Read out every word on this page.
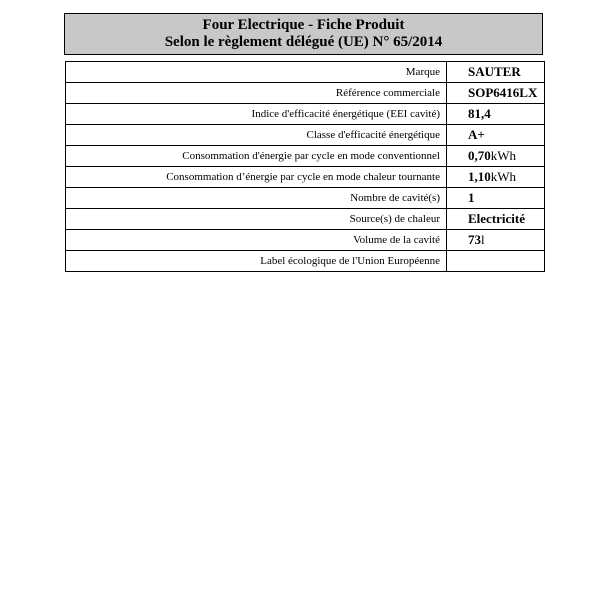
Four Electrique - Fiche Produit
Selon le règlement délégué (UE) N° 65/2014
Marque	SAUTER
Référence commerciale	SOP6416LX
Indice d'efficacité énergétique (EEI cavité)	81,4
Classe d'efficacité énergétique	A+
Consommation d'énergie par cycle en mode conventionnel	0,70kWh
Consommation d’énergie par cycle en mode chaleur tournante	1,10kWh
Nombre de cavité(s)	1
Source(s) de chaleur	Electricité
Volume de la cavité	73l
Label écologique de l'Union Européenne	
